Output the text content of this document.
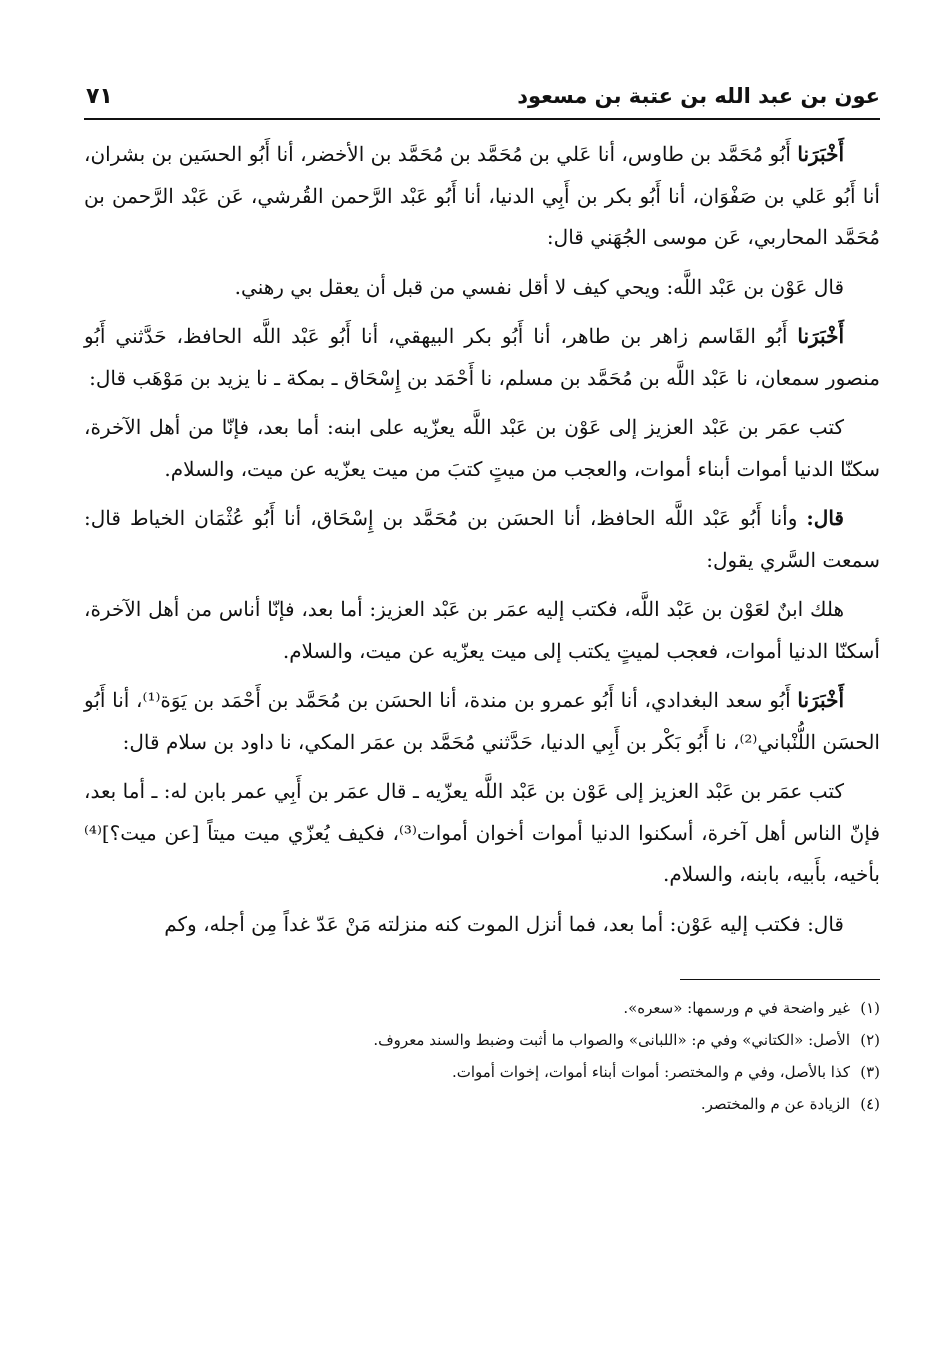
عون بن عبد الله بن عتبة بن مسعود
٧١

أَخْبَرَنا أَبُو مُحَمَّد بن طاوس، أنا عَلي بن مُحَمَّد بن مُحَمَّد بن الأخضر، أنا أَبُو الحسَين بن بشران، أنا أَبُو عَلي بن صَفْوَان، أنا أَبُو بكر بن أَبِي الدنيا، أنا أَبُو عَبْد الرَّحمن القُرشي، عَن عَبْد الرَّحمن بن مُحَمَّد المحاربي، عَن موسى الجُهَني قال:

قال عَوْن بن عَبْد اللَّه: ويحي كيف لا أقل نفسي من قبل أن يعقل بي رهني.

أَخْبَرَنا أَبُو القَاسم زاهر بن طاهر، أنا أَبُو بكر البيهقي، أنا أَبُو عَبْد اللَّه الحافظ، حَدَّثني أَبُو منصور سمعان، نا عَبْد اللَّه بن مُحَمَّد بن مسلم، نا أَحْمَد بن إِسْحَاق ـ بمكة ـ نا يزيد بن مَوْهَب قال:

كتب عمَر بن عَبْد العزيز إلى عَوْن بن عَبْد اللَّه يعزّيه على ابنه: أما بعد، فإنّا من أهل الآخرة، سكنّا الدنيا أموات أبناء أموات، والعجب من ميتٍ كتبَ من ميت يعزّيه عن ميت، والسلام.

قال: وأنا أَبُو عَبْد اللَّه الحافظ، أنا الحسَن بن مُحَمَّد بن إِسْحَاق، أنا أَبُو عُثْمَان الخياط قال: سمعت السَّري يقول:

هلك ابنٌ لعَوْن بن عَبْد اللَّه، فكتب إليه عمَر بن عَبْد العزيز: أما بعد، فإنّا أناس من أهل الآخرة، أسكنّا الدنيا أموات، فعجب لميتٍ يكتب إلى ميت يعزّيه عن ميت، والسلام.

أَخْبَرَنا أَبُو سعد البغدادي، أنا أَبُو عمرو بن مندة، أنا الحسَن بن مُحَمَّد بن أَحْمَد بن يَوَة⁽¹⁾، أنا أَبُو الحسَن اللُّنْباني⁽²⁾، نا أَبُو بَكْر بن أَبِي الدنيا، حَدَّثني مُحَمَّد بن عمَر المكي، نا داود بن سلام قال:

كتب عمَر بن عَبْد العزيز إلى عَوْن بن عَبْد اللَّه يعزّيه ـ قال عمَر بن أَبِي عمر بابن له: ـ أما بعد، فإنّ الناس أهل آخرة، أسكنوا الدنيا أموات أخوان أموات⁽³⁾، فكيف يُعزّي ميت ميتاً [عن ميت؟]⁽⁴⁾ بأخيه، بأَبيه، بابنه، والسلام.

قال: فكتب إليه عَوْن: أما بعد، فما أنزل الموت كنه منزلته مَنْ عَدّ غداً مِن أجله، وكم

(١)غير واضحة في م ورسمها: «سعره».
(٢)الأصل: «الكتاني» وفي م: «اللبانى» والصواب ما أثبت وضبط والسند معروف.
(٣)كذا بالأصل، وفي م والمختصر: أموات أبناء أموات، إخوات أموات.
(٤)الزيادة عن م والمختصر.
